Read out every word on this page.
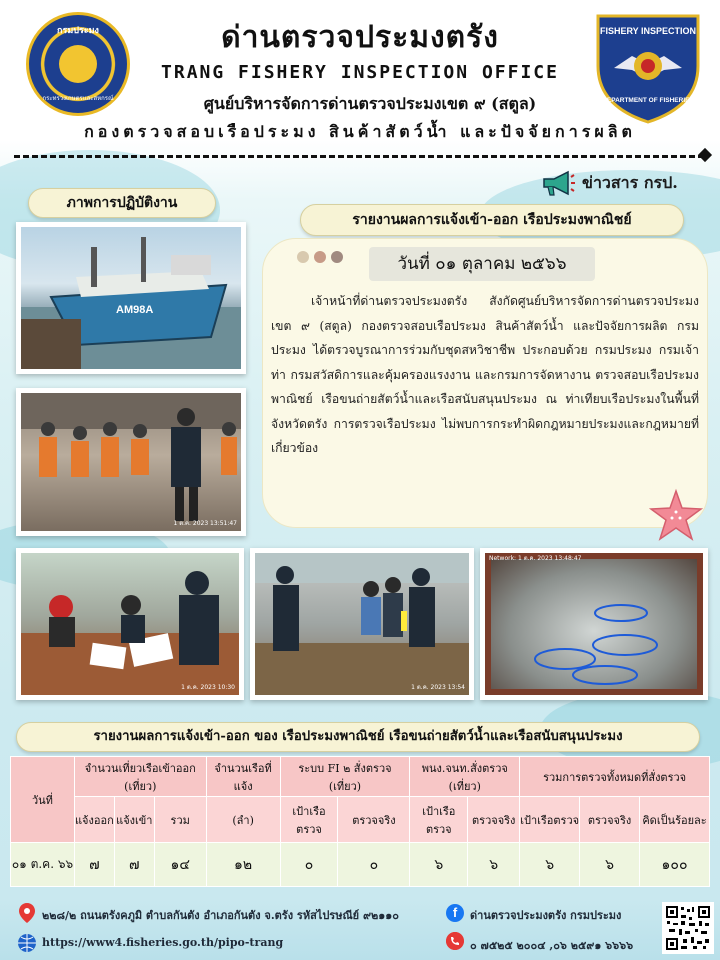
กรมประมง
กระทรวงเกษตรและสหกรณ์
ด่านตรวจประมงตรัง
TRANG FISHERY INSPECTION OFFICE
ศูนย์บริหารจัดการด่านตรวจประมงเขต ๙ (สตูล)
กองตรวจสอบเรือประมง สินค้าสัตว์น้ำ และปัจจัยการผลิต
FISHERY INSPECTION
DEPARTMENT OF FISHERIES
ข่าวสาร กรป.
ภาพการปฏิบัติงาน
AM98A
1 ต.ค. 2023 13:51:47
1 ต.ค. 2023 10:30	1 ต.ค. 2023 13:54
Network: 1 ต.ค. 2023 13:48:47
รายงานผลการแจ้งเข้า-ออก เรือประมงพาณิชย์
วันที่ ๐๑ ตุลาคม ๒๕๖๖

เจ้าหน้าที่ด่านตรวจประมงตรัง สังกัดศูนย์บริหารจัดการด่านตรวจประมง เขต ๙ (สตูล) กองตรวจสอบเรือประมง สินค้าสัตว์น้ำ และปัจจัยการผลิต กรมประมง ได้ตรวจบูรณาการร่วมกับชุดสหวิชาชีพ ประกอบด้วย กรมประมง กรมเจ้าท่า กรมสวัสดิการและคุ้มครองแรงงาน และกรมการจัดหางาน ตรวจสอบเรือประมงพาณิชย์ เรือขนถ่ายสัตว์น้ำและเรือสนับสนุนประมง ณ ท่าเทียบเรือประมงในพื้นที่จังหวัดตรัง การตรวจเรือประมง ไม่พบการกระทำผิดกฎหมายประมงและกฎหมายที่เกี่ยวข้อง

รายงานผลการแจ้งเข้า-ออก ของ เรือประมงพาณิชย์ เรือขนถ่ายสัตว์น้ำและเรือสนับสนุนประมง
วันที่	จำนวนเที่ยวเรือเข้าออก (เที่ยว)			จำนวนเรือที่แจ้ง	ระบบ FI ๒ สั่งตรวจ (เที่ยว)		พนง.จนท.สั่งตรวจ (เที่ยว)		รวมการตรวจทั้งหมดที่สั่งตรวจ		
	แจ้งออก	แจ้งเข้า	รวม	(ลำ)	เป้าเรือตรวจ	ตรวจจริง	เป้าเรือตรวจ	ตรวจจริง	เป้าเรือตรวจ	ตรวจจริง	คิดเป็นร้อยละ
๐๑ ต.ค. ๖๖	๗	๗	๑๔	๑๒	๐	๐	๖	๖	๖	๖	๑๐๐
๒๒๘/๒ ถนนตรังคภูมิ ตำบลกันตัง อำเภอกันตัง จ.ตรัง รหัสไปรษณีย์ ๙๒๑๑๐	f	ด่านตรวจประมงตรัง กรมประมง
https://www4.fisheries.go.th/pipo-trang	๐ ๗๕๒๕ ๒๐๐๔ ,๐๖ ๒๕๙๑ ๖๖๖๖
